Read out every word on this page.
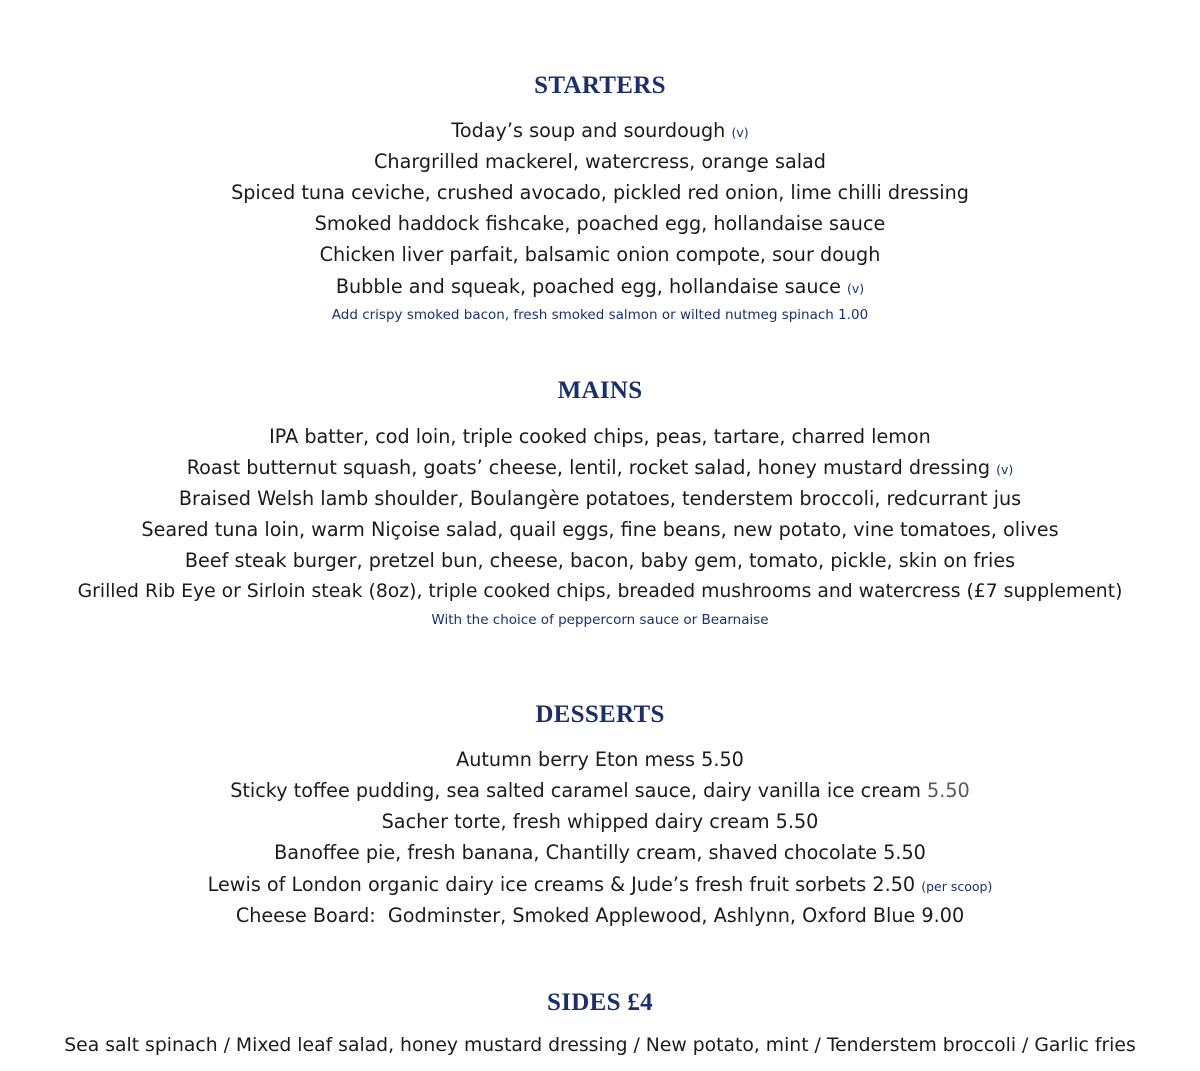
STARTERS
Today’s soup and sourdough (v)
Chargrilled mackerel, watercress, orange salad
Spiced tuna ceviche, crushed avocado, pickled red onion, lime chilli dressing
Smoked haddock fishcake, poached egg, hollandaise sauce
Chicken liver parfait, balsamic onion compote, sour dough
Bubble and squeak, poached egg, hollandaise sauce (v)
Add crispy smoked bacon, fresh smoked salmon or wilted nutmeg spinach 1.00
MAINS
IPA batter, cod loin, triple cooked chips, peas, tartare, charred lemon
Roast butternut squash, goats’ cheese, lentil, rocket salad, honey mustard dressing (v)
Braised Welsh lamb shoulder, Boulangère potatoes, tenderstem broccoli, redcurrant jus
Seared tuna loin, warm Niçoise salad, quail eggs, fine beans, new potato, vine tomatoes, olives
Beef steak burger, pretzel bun, cheese, bacon, baby gem, tomato, pickle, skin on fries
Grilled Rib Eye or Sirloin steak (8oz), triple cooked chips, breaded mushrooms and watercress (£7 supplement)
With the choice of peppercorn sauce or Bearnaise
DESSERTS
Autumn berry Eton mess 5.50
Sticky toffee pudding, sea salted caramel sauce, dairy vanilla ice cream 5.50
Sacher torte, fresh whipped dairy cream 5.50
Banoffee pie, fresh banana, Chantilly cream, shaved chocolate 5.50
Lewis of London organic dairy ice creams & Jude’s fresh fruit sorbets 2.50 (per scoop)
Cheese Board:  Godminster, Smoked Applewood, Ashlynn, Oxford Blue 9.00
SIDES £4
Sea salt spinach / Mixed leaf salad, honey mustard dressing / New potato, mint / Tenderstem broccoli / Garlic fries
